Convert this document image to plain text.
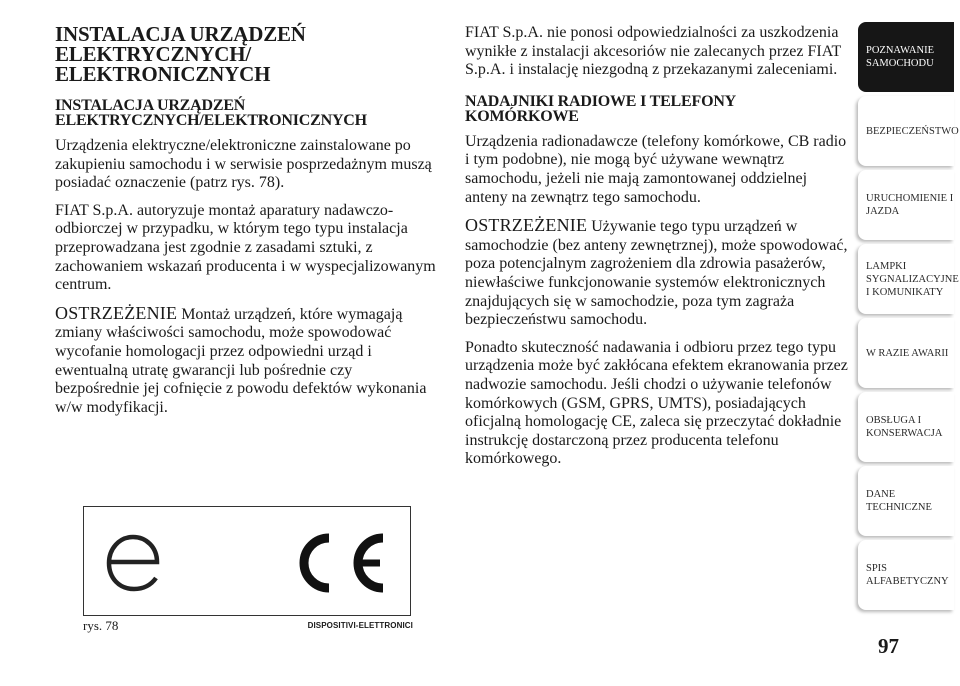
INSTALACJA URZĄDZEŃ ELEKTRYCZNYCH/ ELEKTRONICZNYCH
INSTALACJA URZĄDZEŃ ELEKTRYCZNYCH/ELEKTRONICZNYCH

Urządzenia elektryczne/elektroniczne zainstalowane po zakupieniu samochodu i w serwisie posprzedażnym muszą posiadać oznaczenie (patrz rys. 78).

FIAT S.p.A. autoryzuje montaż aparatury nadawczo-odbiorczej w przypadku, w którym tego typu instalacja przeprowadzana jest zgodnie z zasadami sztuki, z zachowaniem wskazań producenta i w wyspecjalizowanym centrum.

OSTRZEŻENIE Montaż urządzeń, które wymagają zmiany właściwości samochodu, może spowodować wycofanie homologacji przez odpowiedni urząd i ewentualną utratę gwarancji lub pośrednie czy bezpośrednie jej cofnięcie z powodu defektów wykonania w/w modyfikacji.

FIAT S.p.A. nie ponosi odpowiedzialności za uszkodzenia wynikłe z instalacji akcesoriów nie zalecanych przez FIAT S.p.A. i instalację niezgodną z przekazanymi zaleceniami.

NADAJNIKI RADIOWE I TELEFONY KOMÓRKOWE

Urządzenia radionadawcze (telefony komórkowe, CB radio i tym podobne), nie mogą być używane wewnątrz samochodu, jeżeli nie mają zamontowanej oddzielnej anteny na zewnątrz tego samochodu.

OSTRZEŻENIE Używanie tego typu urządzeń w samochodzie (bez anteny zewnętrznej), może spowodować, poza potencjalnym zagrożeniem dla zdrowia pasażerów, niewłaściwe funkcjonowanie systemów elektronicznych znajdujących się w samochodzie, poza tym zagraża bezpieczeństwu samochodu.

Ponadto skuteczność nadawania i odbioru przez tego typu urządzenia może być zakłócana efektem ekranowania przez nadwozie samochodu. Jeśli chodzi o używanie telefonów komórkowych (GSM, GPRS, UMTS), posiadających oficjalną homologację CE, zaleca się przeczytać dokładnie instrukcję dostarczoną przez producenta telefonu komórkowego.

rys. 78	DISPOSITIVI-ELETTRONICI
POZNAWANIE
SAMOCHODU
BEZPIECZEŃSTWO
URUCHOMIENIE I
JAZDA
LAMPKI
SYGNALIZACYJNE
I KOMUNIKATY
W RAZIE AWARII
OBSŁUGA I
KONSERWACJA
DANE
TECHNICZNE
SPIS
ALFABETYCZNY
97
